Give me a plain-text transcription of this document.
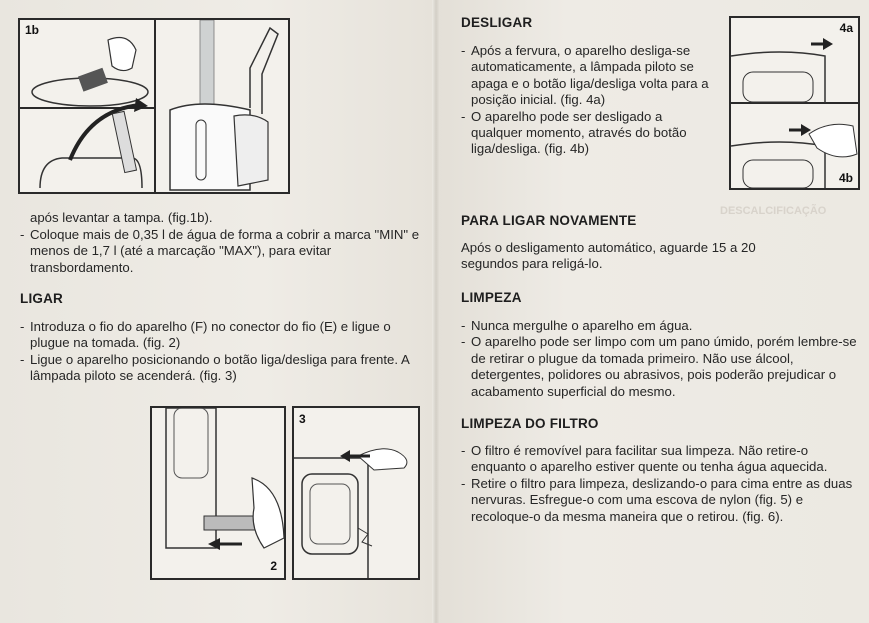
1b
após levantar a tampa. (fig.1b).
- Coloque mais de 0,35 l de água de forma a cobrir a marca "MIN" e menos de 1,7 l (até a marcação "MAX"), para evitar transbordamento.
LIGAR
- Introduza o fio do aparelho (F) no conector do fio (E) e ligue o plugue na tomada. (fig. 2)
- Ligue o aparelho posicionando o botão liga/desliga para frente. A lâmpada piloto se acenderá. (fig. 3)
2
3
DESCALCIFICAÇÃO
DESLIGAR
- Após a fervura, o aparelho desliga-se automaticamente, a lâmpada piloto se apaga e o botão liga/desliga volta para a posição inicial. (fig. 4a)
- O aparelho pode ser desligado a qualquer momento, através do botão liga/desliga. (fig. 4b)
4a
4b
PARA LIGAR NOVAMENTE
Após o desligamento automático, aguarde 15 a 20 segundos para religá-lo.
LIMPEZA
- Nunca mergulhe o aparelho em água.
- O aparelho pode ser limpo com um pano úmido, porém lembre-se de retirar o plugue da tomada primeiro. Não use álcool, detergentes, polidores ou abrasivos, pois poderão prejudicar o acabamento superficial do mesmo.
LIMPEZA DO FILTRO
- O filtro é removível para facilitar sua limpeza. Não retire-o enquanto o aparelho estiver quente ou tenha água aquecida.
- Retire o filtro para limpeza, deslizando-o para cima entre as duas nervuras. Esfregue-o com uma escova de nylon (fig. 5) e recoloque-o da mesma maneira que o retirou. (fig. 6).
